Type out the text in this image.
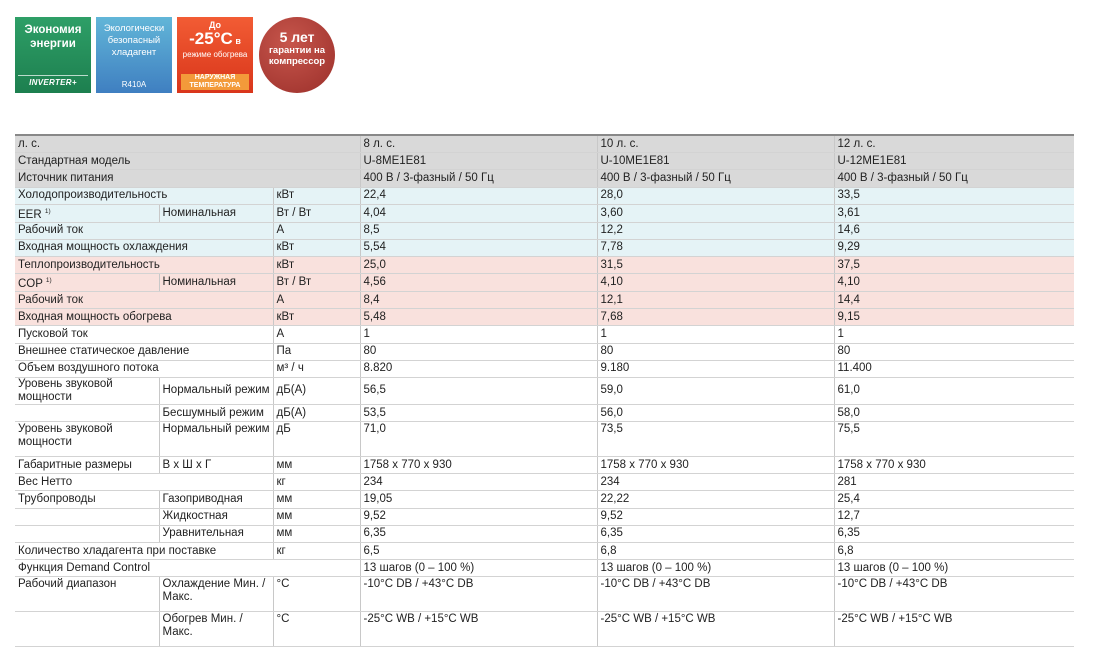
Экономия
энергии
INVERTER+
Экологически
безопасный
хладагент
R410A
До
-25°C в
режиме обогрева
НАРУЖНАЯ
ТЕМПЕРАТУРА
5 лет
гарантии на
компрессор
л. с.			8 л. с.	10 л. с.	12 л. с.
Стандартная модель			U-8ME1E81	U-10ME1E81	U-12ME1E81
Источник питания			400 В / 3-фазный / 50 Гц	400 В / 3-фазный / 50 Гц	400 В / 3-фазный / 50 Гц
Холодопроизводительность		кВт	22,4	28,0	33,5
EER $^{1)}$	Номинальная	Вт / Вт	4,04	3,60	3,61
Рабочий ток		А	8,5	12,2	14,6
Входная мощность охлаждения		кВт	5,54	7,78	9,29
Теплопроизводительность		кВт	25,0	31,5	37,5
COP $^{1)}$	Номинальная	Вт / Вт	4,56	4,10	4,10
Рабочий ток		А	8,4	12,1	14,4
Входная мощность обогрева		кВт	5,48	7,68	9,15
Пусковой ток		А	1	1	1
Внешнее статическое давление		Па	80	80	80
Объем воздушного потока		м³ / ч	8.820	9.180	11.400
Уровень звуковой мощности	Нормальный режим	дБ(А)	56,5	59,0	61,0
	Бесшумный режим	дБ(А)	53,5	56,0	58,0
Уровень звуковой мощности	Нормальный режим	дБ	71,0	73,5	75,5
Габаритные размеры	В х Ш х Г	мм	1758 x 770 x 930	1758 x 770 x 930	1758 x 770 x 930
Вес Нетто		кг	234	234	281
Трубопроводы	Газоприводная	мм	19,05	22,22	25,4
	Жидкостная	мм	9,52	9,52	12,7
	Уравнительная	мм	6,35	6,35	6,35
Количество хладагента при поставке		кг	6,5	6,8	6,8
Функция Demand Control			13 шагов (0 – 100 %)	13 шагов (0 – 100 %)	13 шагов (0 – 100 %)
Рабочий диапазон	Охлаждение Мин. / Макс.	°C	-10°C DB / +43°C DB	-10°C DB / +43°C DB	-10°C DB / +43°C DB
	Обогрев Мин. / Макс.	°C	-25°C WB / +15°C WB	-25°C WB / +15°C WB	-25°C WB / +15°C WB
